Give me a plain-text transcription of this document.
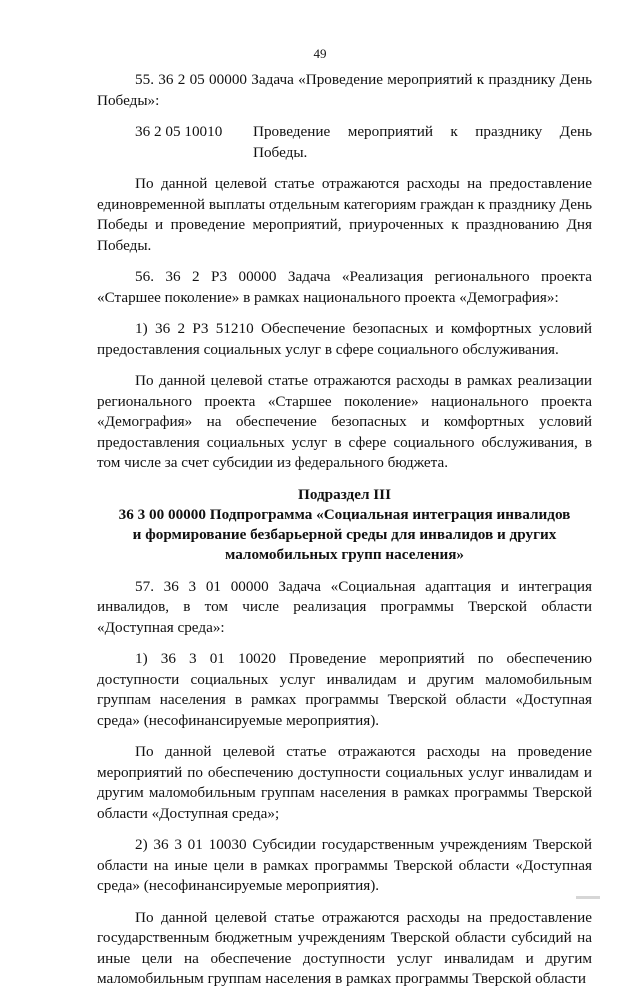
49

55. 36 2 05 00000 Задача «Проведение мероприятий к празднику День Победы»:

36 2 05 10010	Проведение мероприятий к празднику День Победы.

По данной целевой статье отражаются расходы на предоставление единовременной выплаты отдельным категориям граждан к празднику День Победы и проведение мероприятий, приуроченных к празднованию Дня Победы.

56. 36 2 Р3 00000 Задача «Реализация регионального проекта «Старшее поколение» в рамках национального проекта «Демография»:

1) 36 2 Р3 51210 Обеспечение безопасных и комфортных условий предоставления социальных услуг в сфере социального обслуживания.

По данной целевой статье отражаются расходы в рамках реализации регионального проекта «Старшее поколение» национального проекта «Демография» на обеспечение безопасных и комфортных условий предоставления социальных услуг в сфере социального обслуживания, в том числе за счет субсидии из федерального бюджета.

Подраздел III
36 3 00 00000 Подпрограмма «Социальная интеграция инвалидов
и формирование безбарьерной среды для инвалидов и других
маломобильных групп населения»

57. 36 3 01 00000 Задача «Социальная адаптация и интеграция инвалидов, в том числе реализация программы Тверской области «Доступная среда»:

1) 36 3 01 10020 Проведение мероприятий по обеспечению доступности социальных услуг инвалидам и другим маломобильным группам населения в рамках программы Тверской области «Доступная среда» (несофинансируемые мероприятия).

По данной целевой статье отражаются расходы на проведение мероприятий по обеспечению доступности социальных услуг инвалидам и другим маломобильным группам населения в рамках программы Тверской области «Доступная среда»;

2) 36 3 01 10030 Субсидии государственным учреждениям Тверской области на иные цели в рамках программы Тверской области «Доступная среда» (несофинансируемые мероприятия).

По данной целевой статье отражаются расходы на предоставление государственным бюджетным учреждениям Тверской области субсидий на иные цели на обеспечение доступности услуг инвалидам и другим маломобильным группам населения в рамках программы Тверской области
